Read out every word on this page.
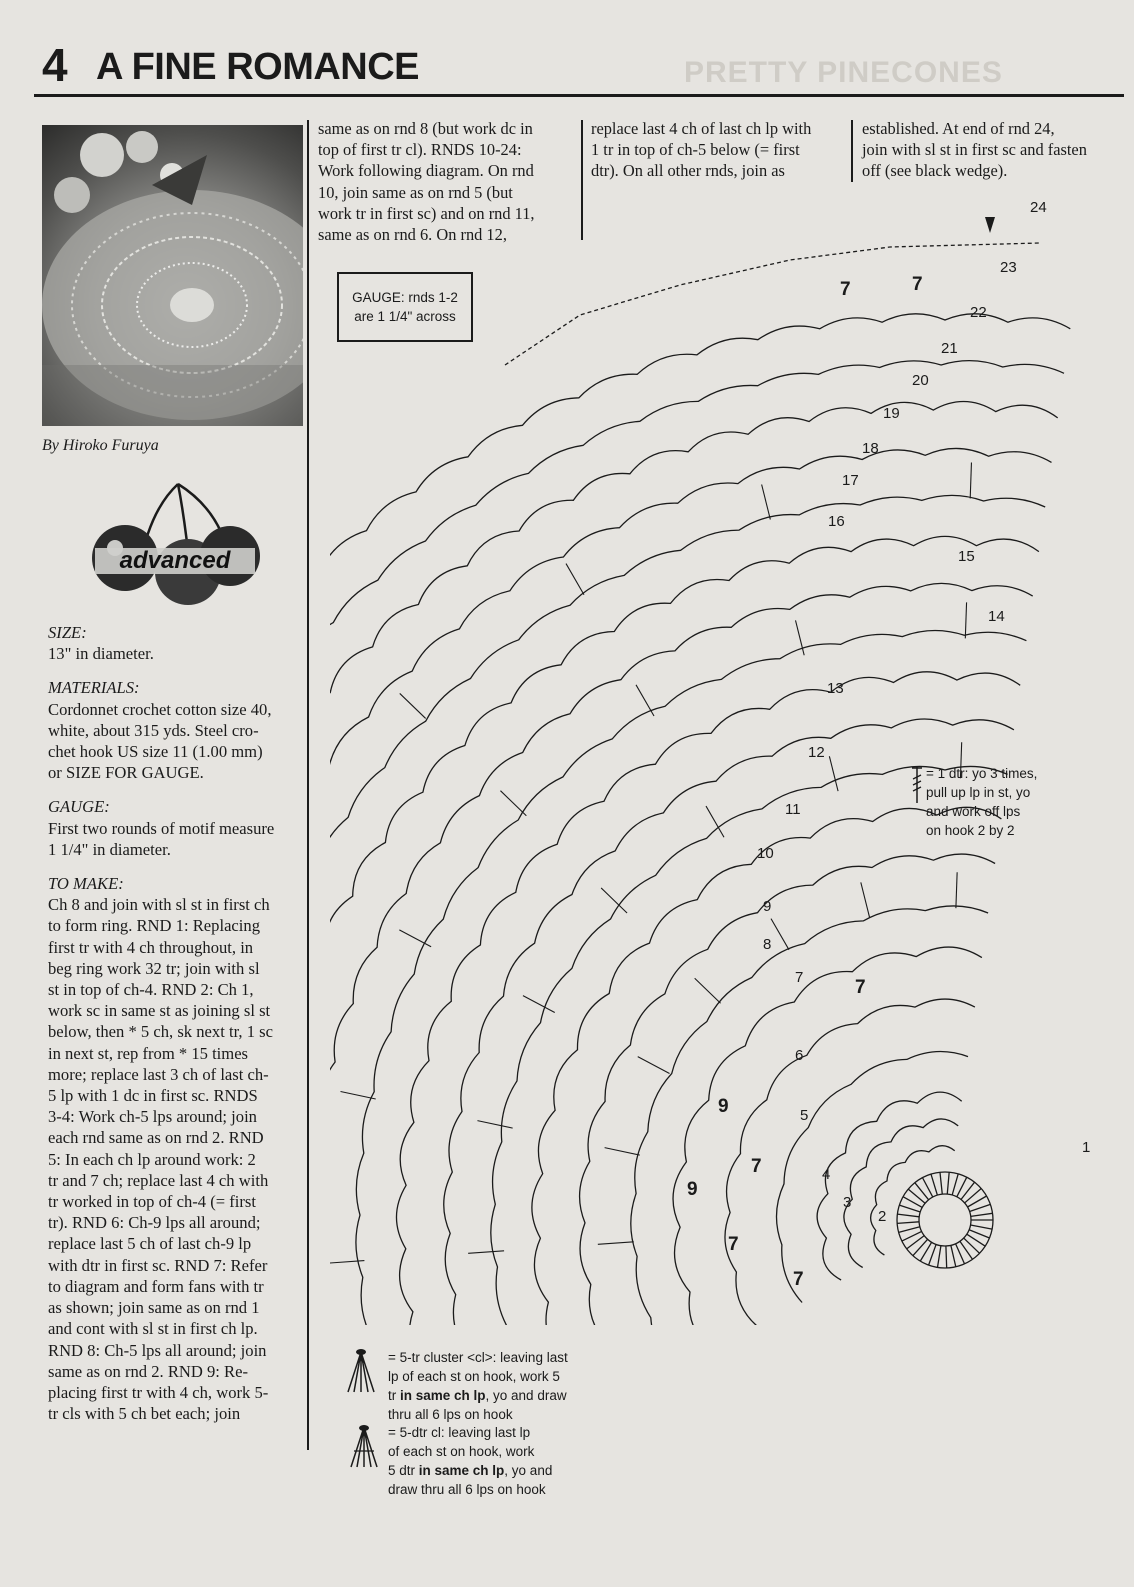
4 A FINE ROMANCE	PRETTY PINECONES
By Hiroko Furuya
advanced

SIZE:
13" in diameter.

MATERIALS:
Cordonnet crochet cotton size 40,
white, about 315 yds. Steel cro-
chet hook US size 11 (1.00 mm)
or SIZE FOR GAUGE.

GAUGE:
First two rounds of motif measure
1 1/4" in diameter.

TO MAKE:
Ch 8 and join with sl st in first ch
to form ring. RND 1: Replacing
first tr with 4 ch throughout, in
beg ring work 32 tr; join with sl
st in top of ch-4. RND 2: Ch 1,
work sc in same st as joining sl st
below, then * 5 ch, sk next tr, 1 sc
in next st, rep from * 15 times
more; replace last 3 ch of last ch-
5 lp with 1 dc in first sc. RNDS
3-4: Work ch-5 lps around; join
each rnd same as on rnd 2. RND
5: In each ch lp around work: 2
tr and 7 ch; replace last 4 ch with
tr worked in top of ch-4 (= first
tr). RND 6: Ch-9 lps all around;
replace last 5 ch of last ch-9 lp
with dtr in first sc. RND 7: Refer
to diagram and form fans with tr
as shown; join same as on rnd 1
and cont with sl st in first ch lp.
RND 8: Ch-5 lps all around; join
same as on rnd 2. RND 9: Re-
placing first tr with 4 ch, work 5-
tr cls with 5 ch bet each; join

same as on rnd 8 (but work dc in
top of first tr cl). RNDS 10-24:
Work following diagram. On rnd
10, join same as on rnd 5 (but
work tr in first sc) and on rnd 11,
same as on rnd 6. On rnd 12,
replace last 4 ch of last ch lp with
1 tr in top of ch-5 below (= first
dtr). On all other rnds, join as
established. At end of rnd 24,
join with sl st in first sc and fasten
off (see black wedge).
GAUGE: rnds 1-2
are 1 1/4" across
1
2
3
4
5
6
7
8
9
10
11
12
13
14
15
16
17
18
19
20
21
22
23
24
9
7
9
7
7
7
7	7
= 1 dtr: yo 3 times,
pull up lp in st, yo
and work off lps
on hook 2 by 2
= 5-tr cluster <cl>: leaving last
lp of each st on hook, work 5
tr in same ch lp, yo and draw
thru all 6 lps on hook
= 5-dtr cl: leaving last lp
of each st on hook, work
5 dtr in same ch lp, yo and
draw thru all 6 lps on hook
